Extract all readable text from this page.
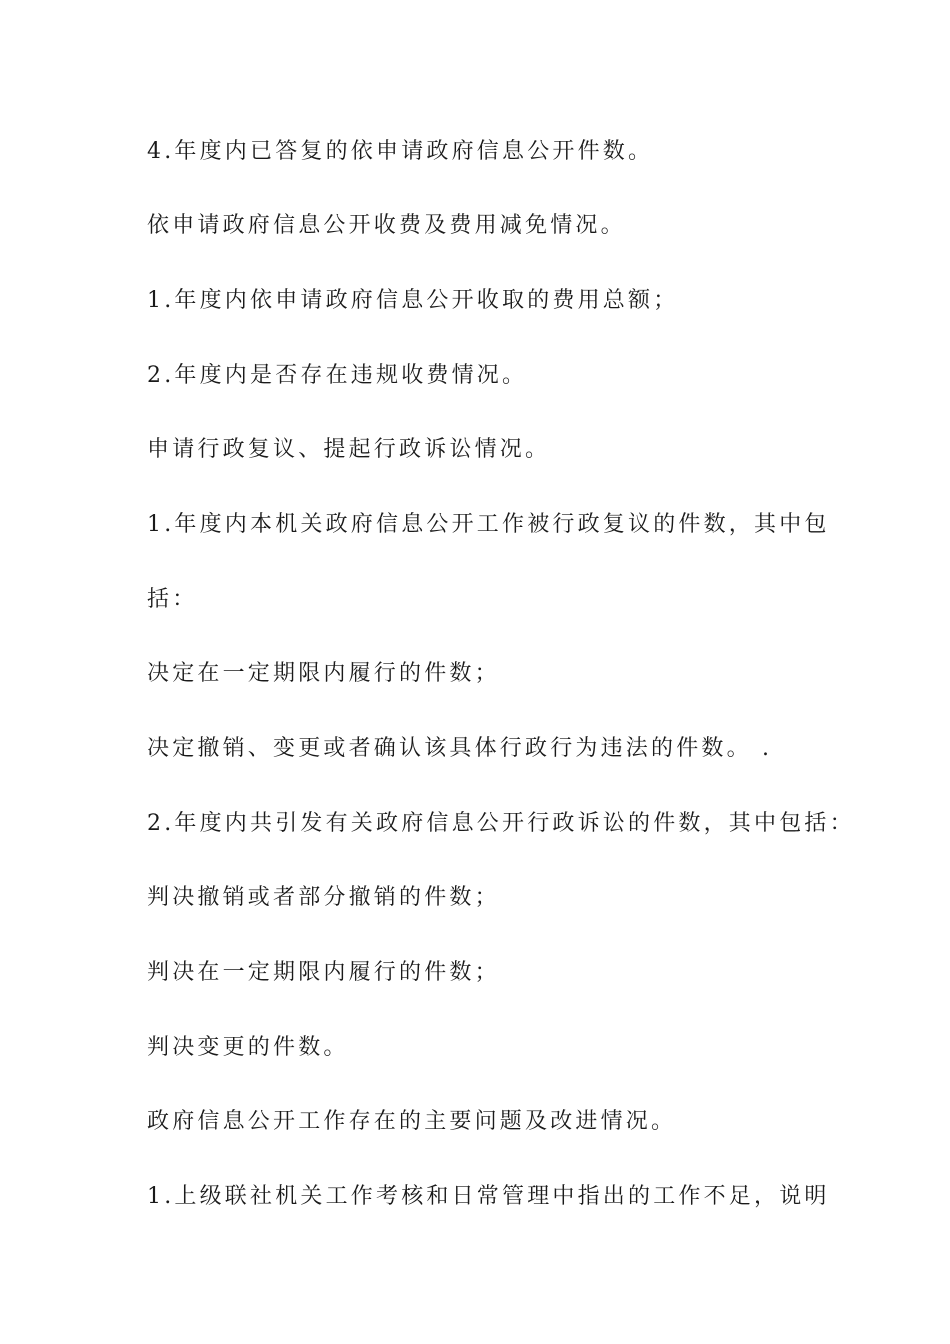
4.年度内已答复的依申请政府信息公开件数。

依申请政府信息公开收费及费用减免情况。

1.年度内依申请政府信息公开收取的费用总额；

2.年度内是否存在违规收费情况。

申请行政复议、提起行政诉讼情况。

1.年度内本机关政府信息公开工作被行政复议的件数，其中包

括：

决定在一定期限内履行的件数；

决定撤销、变更或者确认该具体行政行为违法的件数。 .

2.年度内共引发有关政府信息公开行政诉讼的件数，其中包括：

判决撤销或者部分撤销的件数；

判决在一定期限内履行的件数；

判决变更的件数。

政府信息公开工作存在的主要问题及改进情况。

1.上级联社机关工作考核和日常管理中指出的工作不足，说明
